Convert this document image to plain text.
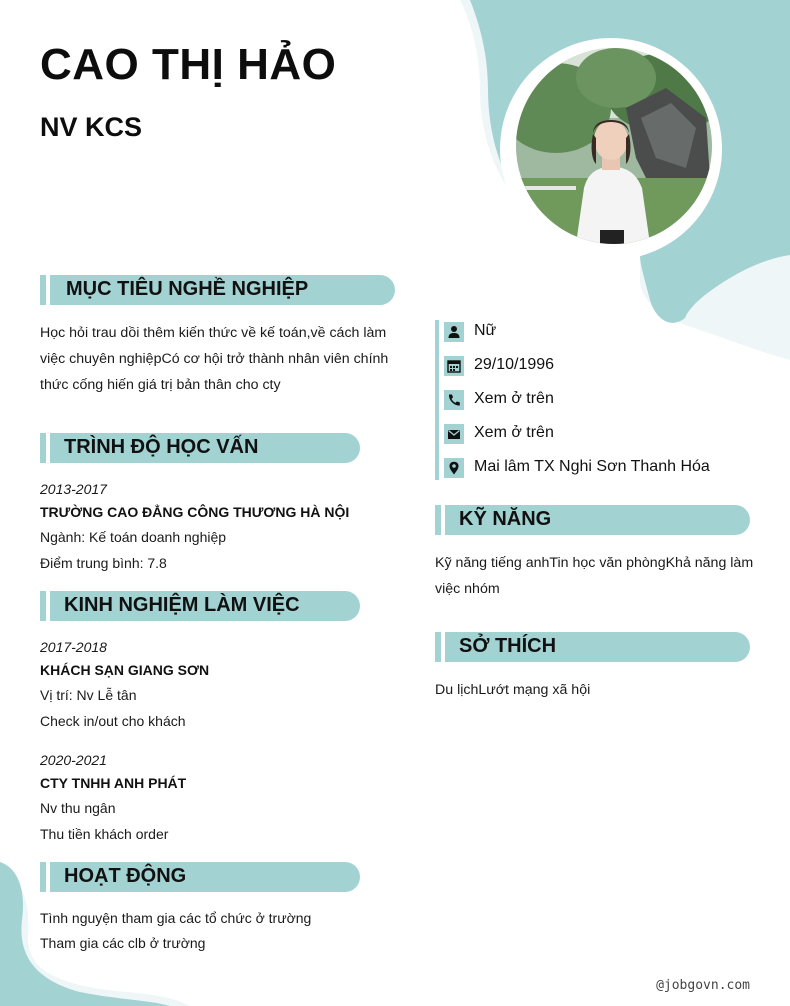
CAO THỊ HẢO
NV KCS
MỤC TIÊU NGHỀ NGHIỆP
Học hỏi trau dồi thêm kiến thức về kế toán,về cách làm việc chuyên nghiệpCó cơ hội trở thành nhân viên chính thức cống hiến giá trị bản thân cho cty
TRÌNH ĐỘ HỌC VẤN
2013-2017
TRƯỜNG CAO ĐẲNG CÔNG THƯƠNG HÀ NỘI
Ngành: Kế toán doanh nghiệp
Điểm trung bình: 7.8
KINH NGHIỆM LÀM VIỆC
2017-2018
KHÁCH SẠN GIANG SƠN
Vị trí: Nv Lễ tân
Check in/out cho khách
2020-2021
CTY TNHH ANH PHÁT
Nv thu ngân
Thu tiền khách order
HOẠT ĐỘNG
Tình nguyện tham gia các tổ chức ở trường
Tham gia các clb ở trường
Nữ
29/10/1996
Xem ở trên
Xem ở trên
Mai lâm TX Nghi Sơn Thanh Hóa
KỸ NĂNG
Kỹ năng tiếng anhTin học văn phòngKhả năng làm việc nhóm
SỞ THÍCH
Du lịchLướt mạng xã hội
@jobgovn.com
